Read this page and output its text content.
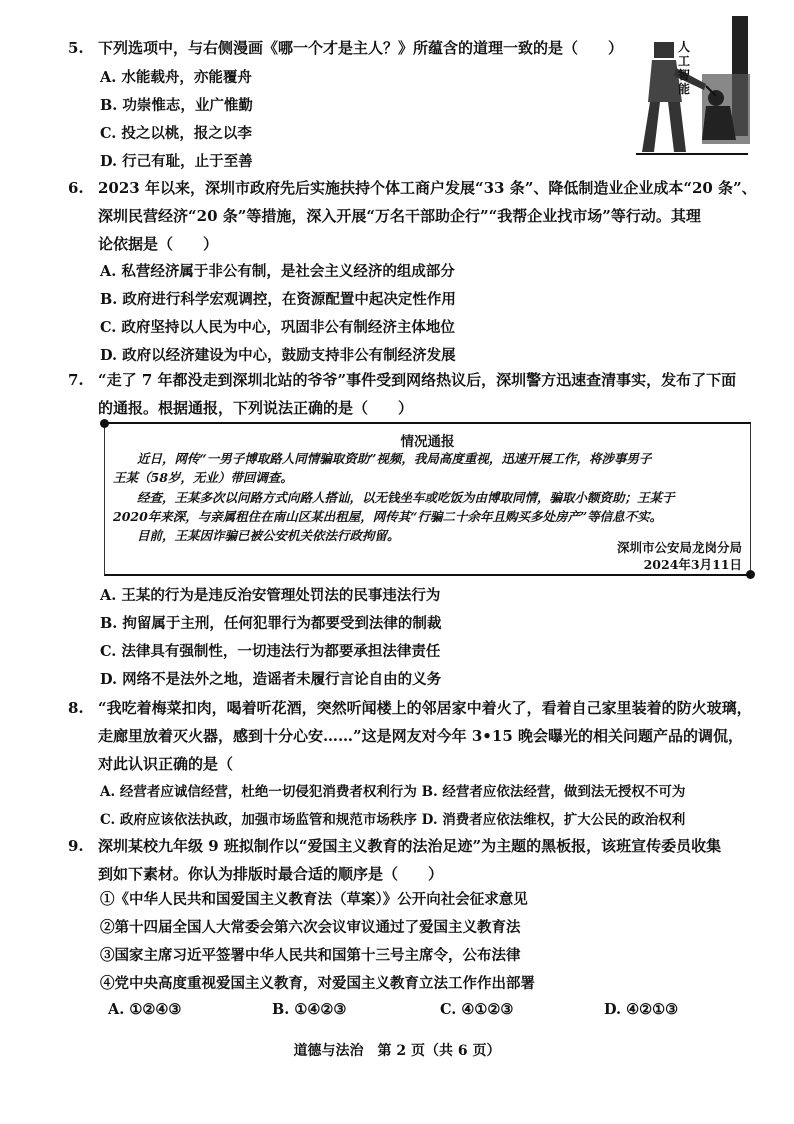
5. 下列选项中，与右侧漫画《哪一个才是主人？》所蕴含的道理一致的是（　　）
A. 水能载舟，亦能覆舟
B. 功崇惟志，业广惟勤
C. 投之以桃，报之以李
D. 行己有耻，止于至善
人工智能
6. 2023 年以来，深圳市政府先后实施扶持个体工商户发展“33 条”、降低制造业企业成本“20 条”、
深圳民营经济“20 条”等措施，深入开展“万名干部助企行”“我帮企业找市场”等行动。其理
论依据是（　　）
A. 私营经济属于非公有制，是社会主义经济的组成部分
B. 政府进行科学宏观调控，在资源配置中起决定性作用
C. 政府坚持以人民为中心，巩固非公有制经济主体地位
D. 政府以经济建设为中心，鼓励支持非公有制经济发展
7. “走了 7 年都没走到深圳北站的爷爷”事件受到网络热议后，深圳警方迅速查清事实，发布了下面
的通报。根据通报，下列说法正确的是（　　）
情况通报
近日，网传“一男子博取路人同情骗取资助”视频，我局高度重视，迅速开展工作，将涉事男子
王某（58岁，无业）带回调查。
经查，王某多次以问路方式向路人搭讪，以无钱坐车或吃饭为由博取同情，骗取小额资助；王某于
2020年来深，与亲属租住在南山区某出租屋，网传其“行骗二十余年且购买多处房产”等信息不实。
目前，王某因诈骗已被公安机关依法行政拘留。
深圳市公安局龙岗分局
2024年3月11日
A. 王某的行为是违反治安管理处罚法的民事违法行为
B. 拘留属于主刑，任何犯罪行为都要受到法律的制裁
C. 法律具有强制性，一切违法行为都要承担法律责任
D. 网络不是法外之地，造谣者未履行言论自由的义务
8. “我吃着梅菜扣肉，喝着听花酒，突然听闻楼上的邻居家中着火了，看着自己家里装着的防火玻璃，
走廊里放着灭火器，感到十分心安……”这是网友对今年 3•15 晚会曝光的相关问题产品的调侃，
对此认识正确的是（
A. 经营者应诚信经营，杜绝一切侵犯消费者权利行为 B. 经营者应依法经营，做到法无授权不可为
C. 政府应该依法执政，加强市场监管和规范市场秩序 D. 消费者应依法维权，扩大公民的政治权利
9. 深圳某校九年级 9 班拟制作以“爱国主义教育的法治足迹”为主题的黑板报，该班宣传委员收集
到如下素材。你认为排版时最合适的顺序是（　　）
①《中华人民共和国爱国主义教育法（草案）》公开向社会征求意见
②第十四届全国人大常委会第六次会议审议通过了爱国主义教育法
③国家主席习近平签署中华人民共和国第十三号主席令，公布法律
④党中央高度重视爱国主义教育，对爱国主义教育立法工作作出部署
A. ①②④③	B. ①④②③	C. ④①②③	D. ④②①③
道德与法治　第 2 页（共 6 页）
